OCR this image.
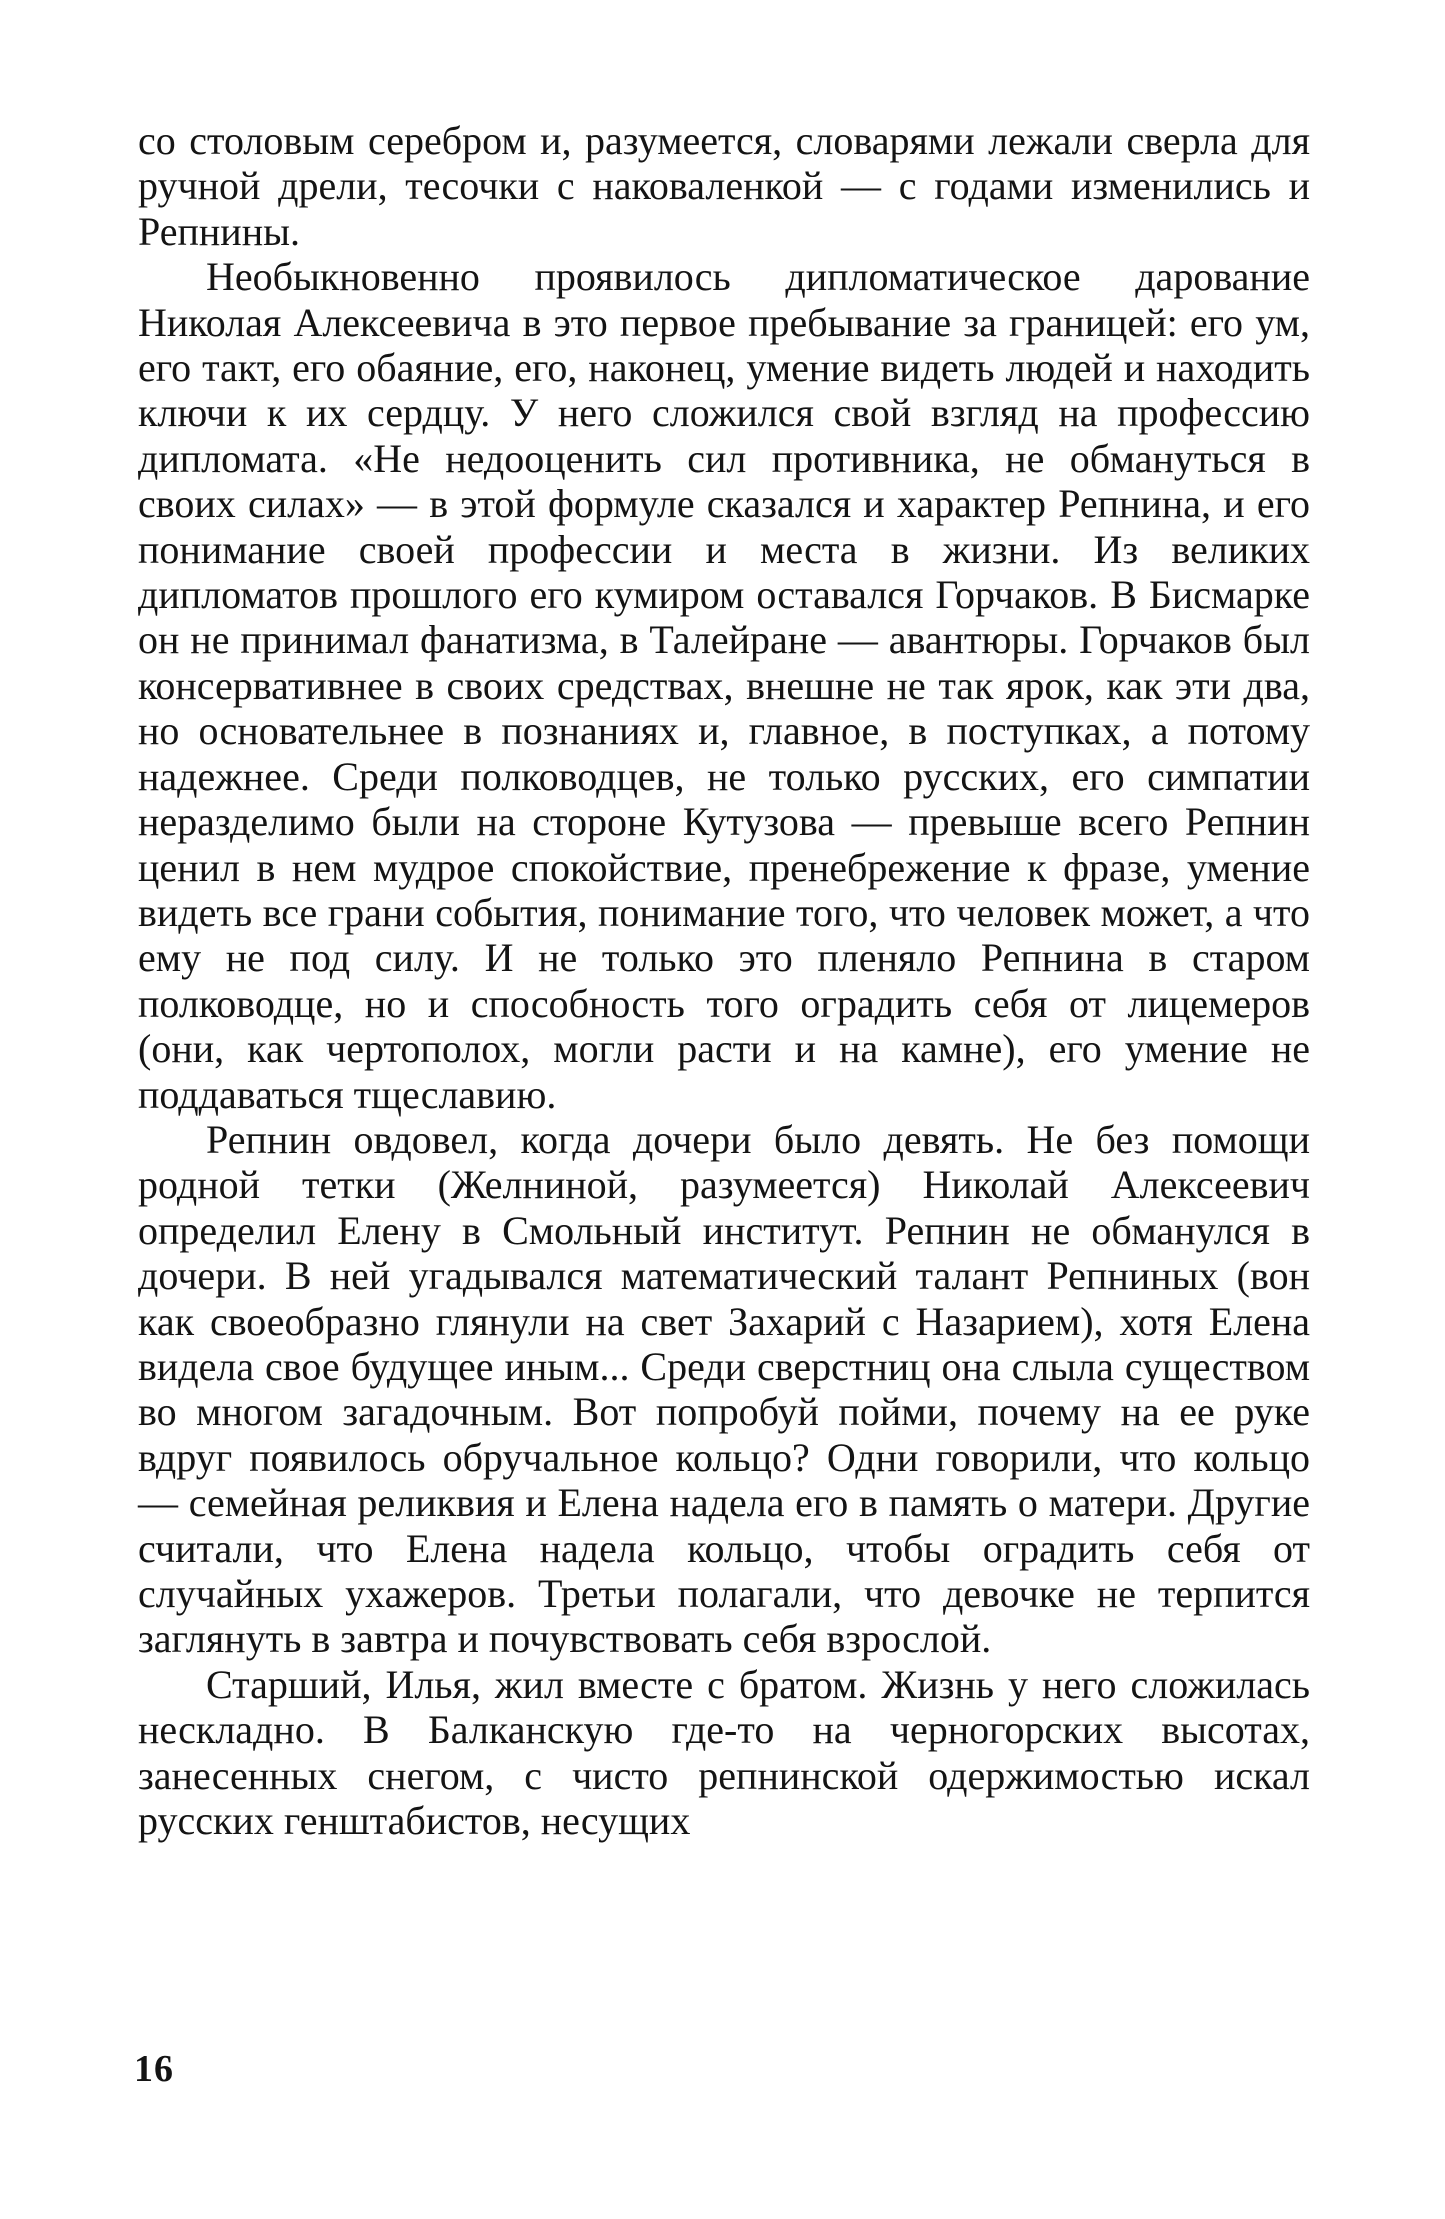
со столовым серебром и, разумеется, словарями лежали сверла для ручной дрели, тесочки с наковаленкой — с годами изменились и Репнины.

Необыкновенно проявилось дипломатическое дарование Николая Алексеевича в это первое пребывание за границей: его ум, его такт, его обаяние, его, наконец, умение видеть людей и находить ключи к их сердцу. У него сложился свой взгляд на профессию дипломата. «Не недооценить сил противника, не обмануться в своих силах» — в этой формуле сказался и характер Репнина, и его понимание своей профессии и места в жизни. Из великих дипломатов прошлого его кумиром оставался Горчаков. В Бисмарке он не принимал фанатизма, в Талейране — авантюры. Горчаков был консервативнее в своих средствах, внешне не так ярок, как эти два, но основательнее в познаниях и, главное, в поступках, а потому надежнее. Среди полководцев, не только русских, его симпатии неразделимо были на стороне Кутузова — превыше всего Репнин ценил в нем мудрое спокойствие, пренебрежение к фразе, умение видеть все грани события, понимание того, что человек может, а что ему не под силу. И не только это пленяло Репнина в старом полководце, но и способность того оградить себя от лицемеров (они, как чертополох, могли расти и на камне), его умение не поддаваться тщеславию.

Репнин овдовел, когда дочери было девять. Не без помощи родной тетки (Желниной, разумеется) Николай Алексеевич определил Елену в Смольный институт. Репнин не обманулся в дочери. В ней угадывался математический талант Репниных (вон как своеобразно глянули на свет Захарий с Назарием), хотя Елена видела свое будущее иным... Среди сверстниц она слыла существом во многом загадочным. Вот попробуй пойми, почему на ее руке вдруг появилось обручальное кольцо? Одни говорили, что кольцо — семейная реликвия и Елена надела его в память о матери. Другие считали, что Елена надела кольцо, чтобы оградить себя от случайных ухажеров. Третьи полагали, что девочке не терпится заглянуть в завтра и почувствовать себя взрослой.

Старший, Илья, жил вместе с братом. Жизнь у него сложилась нескладно. В Балканскую где-то на черногорских высотах, занесенных снегом, с чисто репнинской одержимостью искал русских генштабистов, несущих

16
